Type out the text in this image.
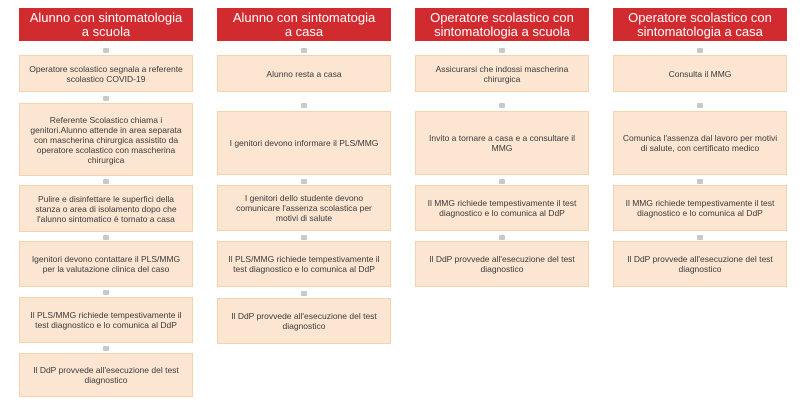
Alunno con sintomatologia
a scuola
Operatore scolastico segnala a referente scolastico COVID-19
Referente Scolastico chiama i genitori.Alunno attende in area separata con mascherina chirurgica assistito da operatore scolastico con mascherina chirurgica
Pulire e disinfettare le superfici della stanza o area di isolamento dopo che l'alunno sintomatico è tornato a casa
Igenitori devono contattare il PLS/MMG per la valutazione clinica del caso
Il PLS/MMG richiede tempestivamente il test diagnostico e lo comunica al DdP
Il DdP provvede all'esecuzione del test diagnostico
Alunno con sintomatogia
a casa
Alunno resta a casa
I genitori devono informare il PLS/MMG
I genitori dello studente devono comunicare l'assenza scolastica per motivi di salute
Il PLS/MMG richiede tempestivamente il test diagnostico e lo comunica al DdP
Il DdP provvede all'esecuzione del test diagnostico
Operatore scolastico con
sintomatologia a scuola
Assicurarsi che indossi mascherina chirurgica
Invito a tornare a casa e a consultare il MMG
Il MMG richiede tempestivamente il test diagnostico e lo comunica al DdP
Il DdP provvede all'esecuzione del test diagnostico
Operatore scolastico con
sintomatologia a casa
Consulta il MMG
Comunica l'assenza dal lavoro per motivi di salute, con certificato medico
Il MMG richiede tempestivamente il test diagnostico e lo comunica al DdP
Il DdP provvede all'esecuzione del test diagnostico
